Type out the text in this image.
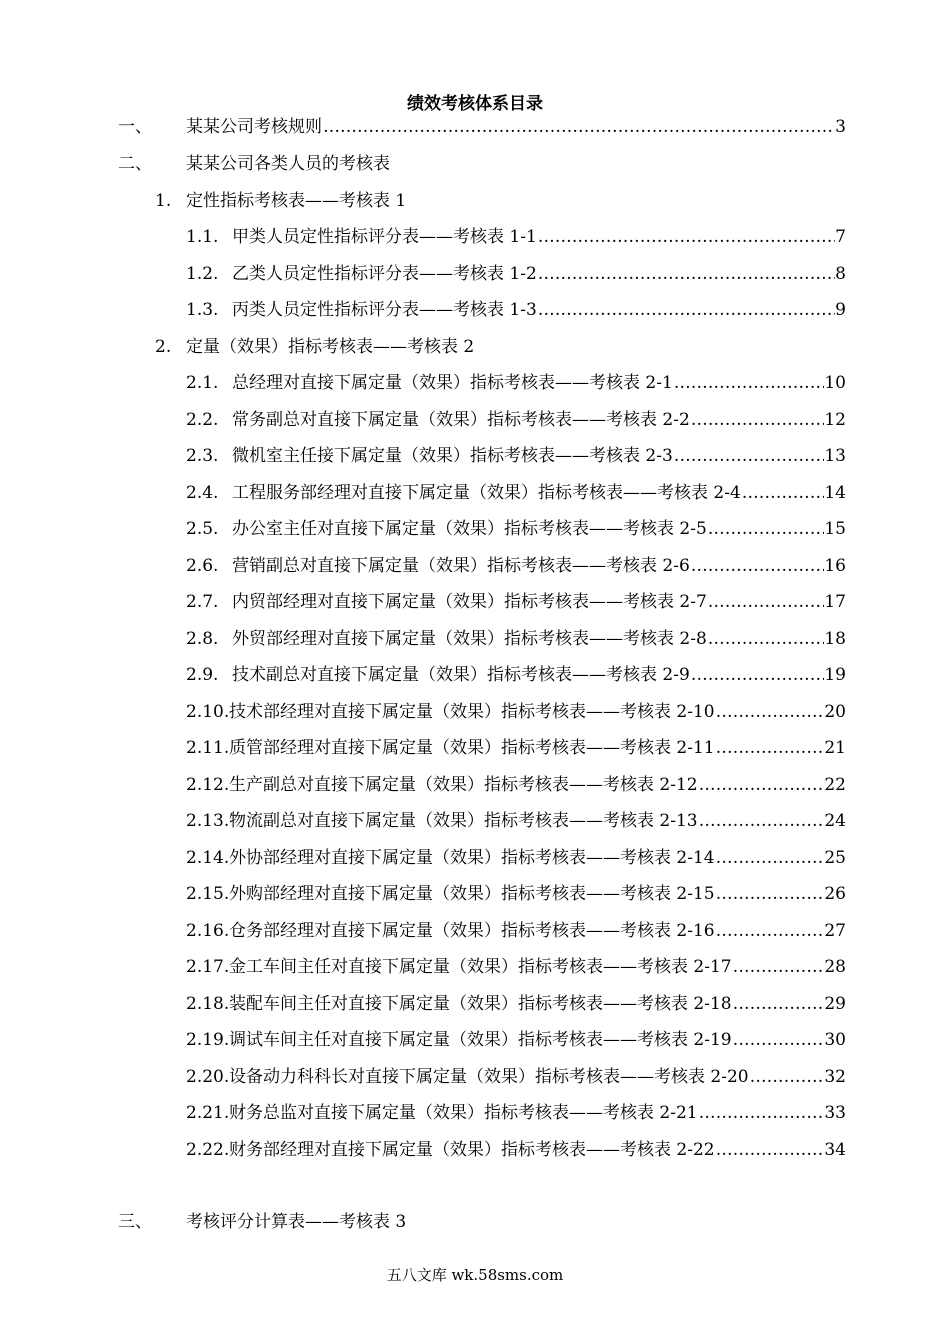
绩效考核体系目录
一、 某某公司考核规则 ……………………………………………………………………………………………………………………………………………………………………………………………………	3
二、 某某公司各类人员的考核表
1. 定性指标考核表——考核表 1
1.1. 甲类人员定性指标评分表——考核表 1-1 ……………………………………………………………………………………………………………………………………………………………………………………………………	7
1.2. 乙类人员定性指标评分表——考核表 1-2 ……………………………………………………………………………………………………………………………………………………………………………………………………	8
1.3. 丙类人员定性指标评分表——考核表 1-3 ……………………………………………………………………………………………………………………………………………………………………………………………………	9
2. 定量（效果）指标考核表——考核表 2
2.1. 总经理对直接下属定量（效果）指标考核表——考核表 2-1 ……………………………………………………………………………………………………………………………………………………………………………………………………	10
2.2. 常务副总对直接下属定量（效果）指标考核表——考核表 2-2 ……………………………………………………………………………………………………………………………………………………………………………………………………	12
2.3. 微机室主任接下属定量（效果）指标考核表——考核表 2-3 ……………………………………………………………………………………………………………………………………………………………………………………………………	13
2.4. 工程服务部经理对直接下属定量（效果）指标考核表——考核表 2-4 ……………………………………………………………………………………………………………………………………………………………………………………………………	14
2.5. 办公室主任对直接下属定量（效果）指标考核表——考核表 2-5 ……………………………………………………………………………………………………………………………………………………………………………………………………	15
2.6. 营销副总对直接下属定量（效果）指标考核表——考核表 2-6 ……………………………………………………………………………………………………………………………………………………………………………………………………	16
2.7. 内贸部经理对直接下属定量（效果）指标考核表——考核表 2-7 ……………………………………………………………………………………………………………………………………………………………………………………………………	17
2.8. 外贸部经理对直接下属定量（效果）指标考核表——考核表 2-8 ……………………………………………………………………………………………………………………………………………………………………………………………………	18
2.9. 技术副总对直接下属定量（效果）指标考核表——考核表 2-9 ……………………………………………………………………………………………………………………………………………………………………………………………………	19
2.10. 技术部经理对直接下属定量（效果）指标考核表——考核表 2-10 ……………………………………………………………………………………………………………………………………………………………………………………………………	20
2.11. 质管部经理对直接下属定量（效果）指标考核表——考核表 2-11 ……………………………………………………………………………………………………………………………………………………………………………………………………	21
2.12. 生产副总对直接下属定量（效果）指标考核表——考核表 2-12 ……………………………………………………………………………………………………………………………………………………………………………………………………	22
2.13. 物流副总对直接下属定量（效果）指标考核表——考核表 2-13 ……………………………………………………………………………………………………………………………………………………………………………………………………	24
2.14. 外协部经理对直接下属定量（效果）指标考核表——考核表 2-14 ……………………………………………………………………………………………………………………………………………………………………………………………………	25
2.15. 外购部经理对直接下属定量（效果）指标考核表——考核表 2-15 ……………………………………………………………………………………………………………………………………………………………………………………………………	26
2.16. 仓务部经理对直接下属定量（效果）指标考核表——考核表 2-16 ……………………………………………………………………………………………………………………………………………………………………………………………………	27
2.17. 金工车间主任对直接下属定量（效果）指标考核表——考核表 2-17 ……………………………………………………………………………………………………………………………………………………………………………………………………	28
2.18. 装配车间主任对直接下属定量（效果）指标考核表——考核表 2-18 ……………………………………………………………………………………………………………………………………………………………………………………………………	29
2.19. 调试车间主任对直接下属定量（效果）指标考核表——考核表 2-19 ……………………………………………………………………………………………………………………………………………………………………………………………………	30
2.20. 设备动力科科长对直接下属定量（效果）指标考核表——考核表 2-20 ……………………………………………………………………………………………………………………………………………………………………………………………………	32
2.21. 财务总监对直接下属定量（效果）指标考核表——考核表 2-21 ……………………………………………………………………………………………………………………………………………………………………………………………………	33
2.22. 财务部经理对直接下属定量（效果）指标考核表——考核表 2-22 ……………………………………………………………………………………………………………………………………………………………………………………………………	34
三、 考核评分计算表——考核表 3
五八文库 wk.58sms.com
